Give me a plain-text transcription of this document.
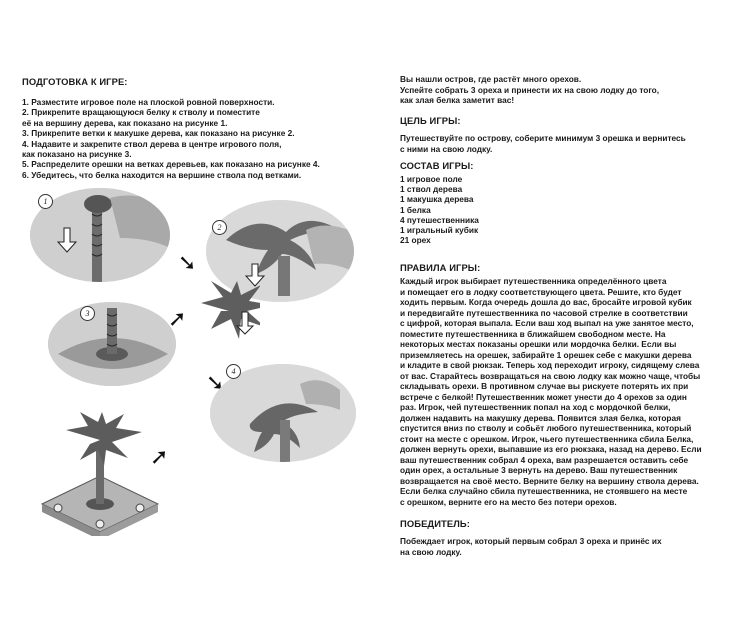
ПОДГОТОВКА К ИГРЕ:
1. Разместите игровое поле на плоской ровной поверхности.
2. Прикрепите вращающуюся белку к стволу и поместите
её на вершину дерева, как показано на рисунке 1.
3. Прикрепите ветки к макушке дерева, как показано на рисунке 2.
4. Надавите и закрепите ствол дерева в центре игрового поля,
как показано на рисунке 3.
5. Распределите орешки на ветках деревьев, как показано на рисунке 4.
6. Убедитесь, что белка находится на вершине ствола под ветками.
1
➘
2
➚
3
➘ 4
➚
Вы нашли остров, где растёт много орехов.
Успейте собрать 3 ореха и принести их на свою лодку до того,
как злая белка заметит вас!
ЦЕЛЬ ИГРЫ:
Путешествуйте по острову, соберите минимум 3 орешка и вернитесь
с ними на свою лодку.
СОСТАВ ИГРЫ:
1 игровое поле
1 ствол дерева
1 макушка дерева
1 белка
4 путешественника
1 игральный кубик
21 орех
ПРАВИЛА ИГРЫ:
Каждый игрок выбирает путешественника определённого цвета
и помещает его в лодку соответствующего цвета. Решите, кто будет
ходить первым. Когда очередь дошла до вас, бросайте игровой кубик
и передвигайте путешественника по часовой стрелке в соответствии
с цифрой, которая выпала. Если ваш ход выпал на уже занятое место,
поместите путешественника в ближайшем свободном месте. На
некоторых местах показаны орешки или мордочка белки. Если вы
приземляетесь на орешек, забирайте 1 орешек себе с макушки дерева
и кладите в свой рюкзак. Теперь ход переходит игроку, сидящему слева
от вас. Старайтесь возвращаться на свою лодку как можно чаще, чтобы
складывать орехи. В противном случае вы рискуете потерять их при
встрече с белкой! Путешественник может унести до 4 орехов за один
раз. Игрок, чей путешественник попал на ход с мордочкой белки,
должен надавить на макушку дерева. Появится злая белка, которая
спустится вниз по стволу и собьёт любого путешественника, который
стоит на месте с орешком. Игрок, чьего путешественника сбила Белка,
должен вернуть орехи, выпавшие из его рюкзака, назад на дерево. Если
ваш путешественник собрал 4 ореха, вам разрешается оставить себе
один орех, а остальные 3 вернуть на дерево. Ваш путешественник
возвращается на своё место. Верните белку на вершину ствола дерева.
Если белка случайно сбила путешественника, не стоявшего на месте
с орешком, верните его на место без потери орехов.
ПОБЕДИТЕЛЬ:
Побеждает игрок, который первым собрал 3 ореха и принёс их
на свою лодку.
